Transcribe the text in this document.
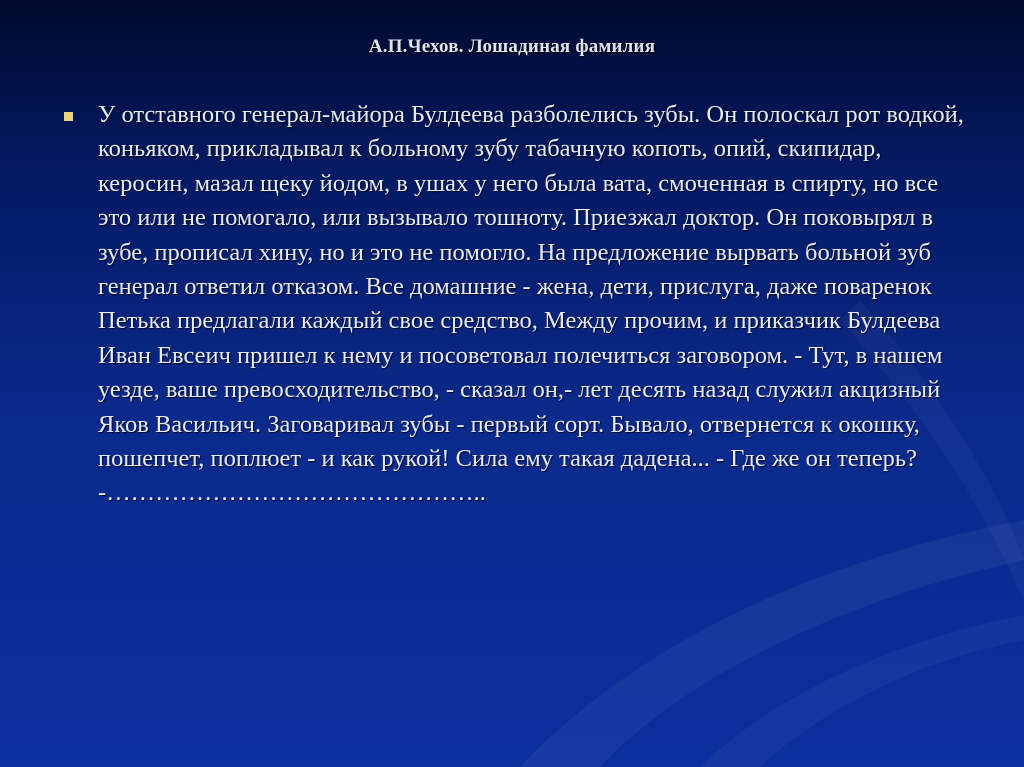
А.П.Чехов. Лошадиная фамилия
У отставного генерал-майора Булдеева разболелись зубы. Он полоскал рот водкой, коньяком, прикладывал к больному зубу табачную копоть, опий, скипидар, керосин, мазал щеку йодом, в ушах у него была вата, смоченная в спирту, но все это или не помогало, или вызывало тошноту. Приезжал доктор. Он поковырял в зубе, прописал хину, но и это не помогло. На предложение вырвать больной зуб генерал ответил отказом. Все домашние - жена, дети, прислуга, даже поваренок Петька предлагали каждый свое средство, Между прочим, и приказчик Булдеева Иван Евсеич пришел к нему и посоветовал полечиться заговором. - Тут, в нашем уезде, ваше превосходительство, - сказал он,- лет десять назад служил акцизный Яков Васильич. Заговаривал зубы - первый сорт. Бывало, отвернется к окошку, пошепчет, поплюет - и как рукой! Сила ему такая дадена... - Где же он теперь? -………………………………………..
